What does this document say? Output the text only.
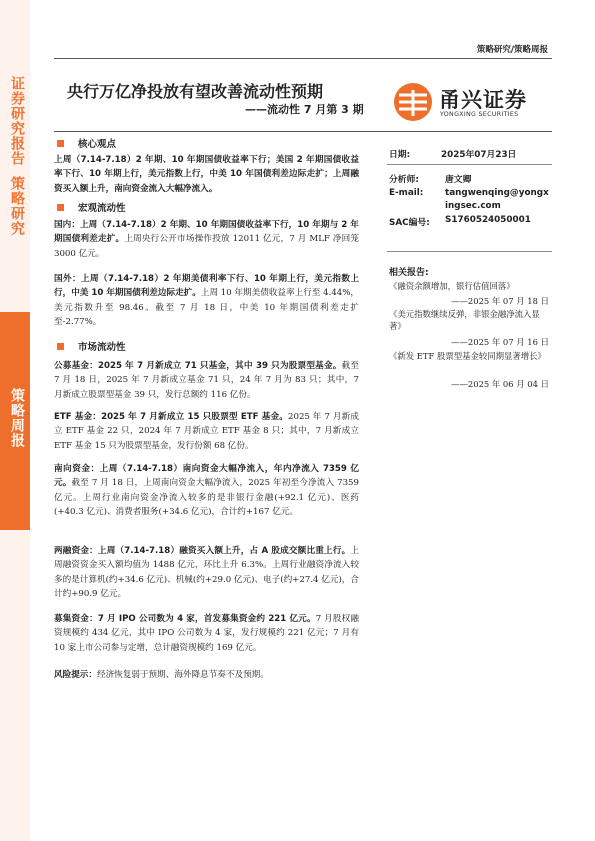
证券研究报告
策略研究
策略周报
策略研究/策略周报
央行万亿净投放有望改善流动性预期
——流动性 7 月第 3 期	甬兴证券
YONGXING SECURITIES
核心观点
上周（7.14-7.18）2 年期、10 年期国债收益率下行；美国 2 年期国债收益率下行、10 年期上行，美元指数上行，中美 10 年国债利差边际走扩；上周融资买入额上升，南向资金流入大幅净流入。
宏观流动性
国内：上周（7.14-7.18）2 年期、10 年期国债收益率下行，10 年期与 2 年期国债利差走扩。上周央行公开市场操作投放 12011 亿元，7 月 MLF 净回笼 3000 亿元。
国外：上周（7.14-7.18）2 年期美债利率下行、10 年期上行，美元指数上行，中美 10 年期国债利差边际走扩。上周 10 年期美债收益率上行至 4.44%，美元指数升至 98.46。截至 7 月 18 日，中美 10 年期国债利差走扩至-2.77%。
市场流动性
公募基金：2025 年 7 月新成立 71 只基金，其中 39 只为股票型基金。截至 7 月 18 日，2025 年 7 月新成立基金 71 只，24 年 7 月为 83 只；其中，7 月新成立股票型基金 39 只，发行总额约 116 亿份。
ETF 基金：2025 年 7 月新成立 15 只股票型 ETF 基金。2025 年 7 月新成立 ETF 基金 22 只，2024 年 7 月新成立 ETF 基金 8 只；其中，7 月新成立 ETF 基金 15 只为股票型基金，发行份额 68 亿份。
南向资金：上周（7.14-7.18）南向资金大幅净流入，年内净流入 7359 亿元。截至 7 月 18 日，上周南向资金大幅净流入，2025 年初至今净流入 7359 亿元。上周行业南向资金净流入较多的是非银行金融(+92.1 亿元)、医药(+40.3 亿元)、消费者服务(+34.6 亿元)，合计约+167 亿元。
两融资金：上周（7.14-7.18）融资买入额上升，占 A 股成交额比重上行。上周融资资金买入额均值为 1488 亿元，环比上升 6.3%。上周行业融资净流入较多的是计算机(约+34.6 亿元)、机械(约+29.0 亿元)、电子(约+27.4 亿元)，合计约+90.9 亿元。
募集资金：7 月 IPO 公司数为 4 家，首发募集资金约 221 亿元。7 月股权融资规模约 434 亿元，其中 IPO 公司数为 4 家，发行规模约 221 亿元；7 月有 10 家上市公司参与定增，总计融资规模约 169 亿元。
风险提示：经济恢复弱于预期、海外降息节奏不及预期。
日期:	2025年07月23日
分析师:	唐文卿
E-mail: tangwenqing@yongxingsec.com
SAC编号: S1760524050001
相关报告:
《融资余额增加，银行估值回落》
——2025 年 07 月 18 日
《美元指数继续反弹，非银金融净流入显著》
——2025 年 07 月 16 日
《新发 ETF 股票型基金较同期显著增长》
——2025 年 06 月 04 日
